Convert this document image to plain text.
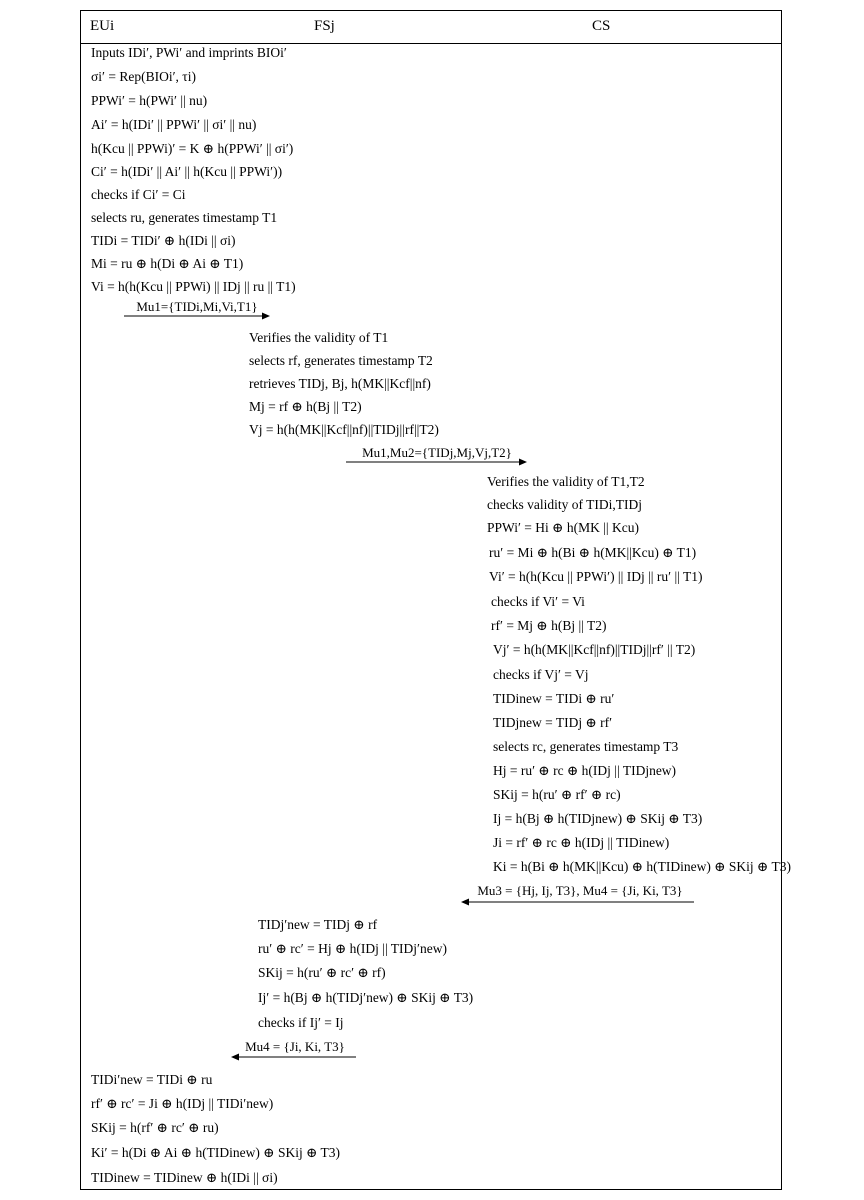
EUi	FSj	CS
Inputs IDi′, PWi′ and imprints BIOi′
σi′ = Rep(BIOi′, τi)
PPWi′ = h(PWi′ || nu)
Ai′ = h(IDi′ || PPWi′ || σi′ || nu)
h(Kcu || PPWi)′ = K ⊕ h(PPWi′ || σi′)
Ci′ = h(IDi′ || Ai′ || h(Kcu || PPWi′))
checks if Ci′ = Ci
selects ru, generates timestamp T1
TIDi = TIDi′ ⊕ h(IDi || σi)
Mi = ru ⊕ h(Di ⊕ Ai ⊕ T1)
Vi = h(h(Kcu || PPWi) || IDj || ru || T1)
Mu1={TIDi,Mi,Vi,T1}
Verifies the validity of T1
selects rf, generates timestamp T2
retrieves TIDj, Bj, h(MK||Kcf||nf)
Mj = rf ⊕ h(Bj || T2)
Vj = h(h(MK||Kcf||nf)||TIDj||rf||T2)
Mu1,Mu2={TIDj,Mj,Vj,T2}
Verifies the validity of T1,T2
checks validity of TIDi,TIDj
PPWi′ = Hi ⊕ h(MK || Kcu)
ru′ = Mi ⊕ h(Bi ⊕ h(MK||Kcu) ⊕ T1)
Vi′ = h(h(Kcu || PPWi′) || IDj || ru′ || T1)
checks if Vi′ = Vi
rf′ = Mj ⊕ h(Bj || T2)
Vj′ = h(h(MK||Kcf||nf)||TIDj||rf′ || T2)
checks if Vj′ = Vj
TIDinew = TIDi ⊕ ru′
TIDjnew = TIDj ⊕ rf′
selects rc, generates timestamp T3
Hj = ru′ ⊕ rc ⊕ h(IDj || TIDjnew)
SKij = h(ru′ ⊕ rf′ ⊕ rc)
Ij = h(Bj ⊕ h(TIDjnew) ⊕ SKij ⊕ T3)
Ji = rf′ ⊕ rc ⊕ h(IDj || TIDinew)
Ki = h(Bi ⊕ h(MK||Kcu) ⊕ h(TIDinew) ⊕ SKij ⊕ T3)
Mu3 = {Hj, Ij, T3}, Mu4 = {Ji, Ki, T3}
TIDj′new = TIDj ⊕ rf
ru′ ⊕ rc′ = Hj ⊕ h(IDj || TIDj′new)
SKij = h(ru′ ⊕ rc′ ⊕ rf)
Ij′ = h(Bj ⊕ h(TIDj′new) ⊕ SKij ⊕ T3)
checks if Ij′ = Ij
Mu4 = {Ji, Ki, T3}
TIDi′new = TIDi ⊕ ru
rf′ ⊕ rc′ = Ji ⊕ h(IDj || TIDi′new)
SKij = h(rf′ ⊕ rc′ ⊕ ru)
Ki′ = h(Di ⊕ Ai ⊕ h(TIDinew) ⊕ SKij ⊕ T3)
TIDinew = TIDinew ⊕ h(IDi || σi)
